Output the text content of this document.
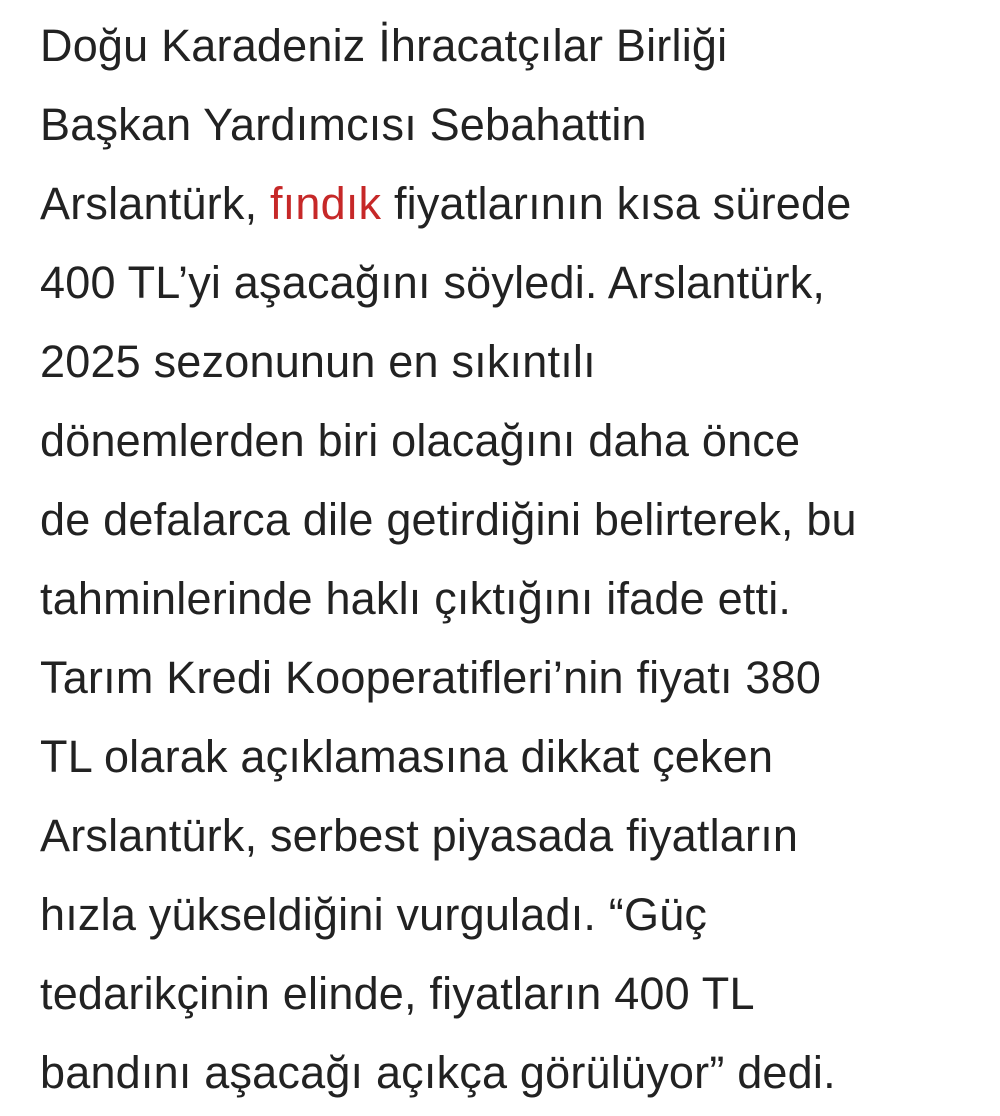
Doğu Karadeniz İhracatçılar Birliği
Başkan Yardımcısı Sebahattin
Arslantürk, fındık fiyatlarının kısa sürede
400 TL’yi aşacağını söyledi. Arslantürk,
2025 sezonunun en sıkıntılı
dönemlerden biri olacağını daha önce
de defalarca dile getirdiğini belirterek, bu
tahminlerinde haklı çıktığını ifade etti.
Tarım Kredi Kooperatifleri’nin fiyatı 380
TL olarak açıklamasına dikkat çeken
Arslantürk, serbest piyasada fiyatların
hızla yükseldiğini vurguladı. “Güç
tedarikçinin elinde, fiyatların 400 TL
bandını aşacağı açıkça görülüyor” dedi.
